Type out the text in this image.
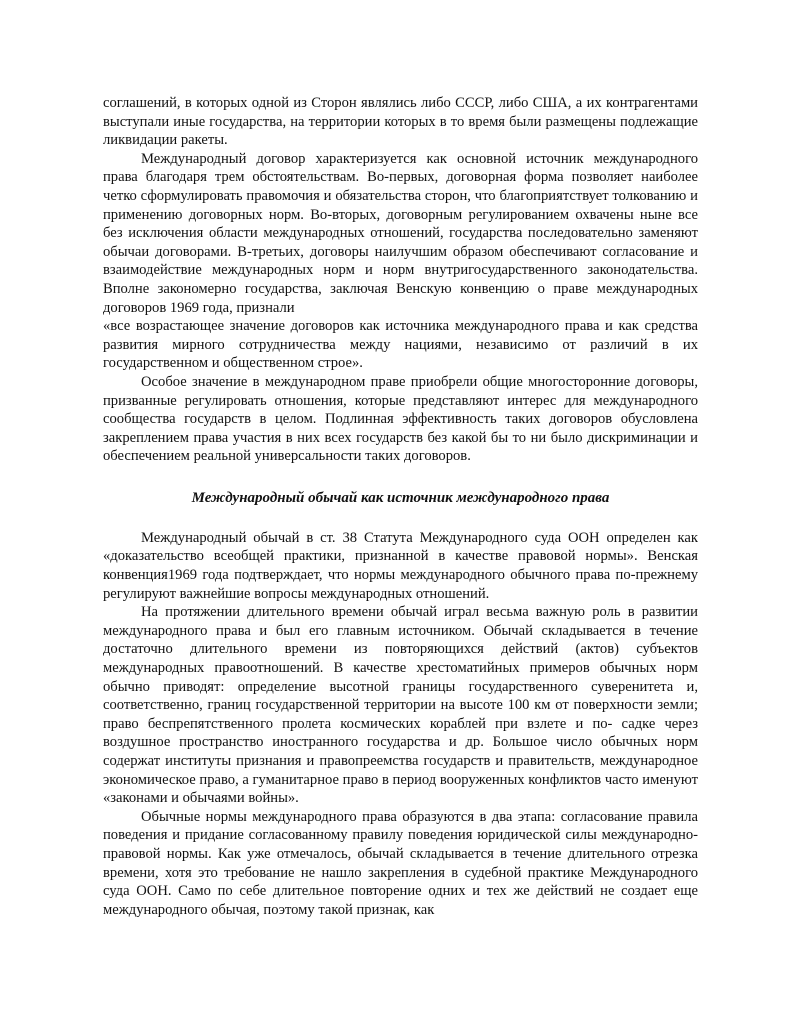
соглашений, в которых одной из Сторон являлись либо СССР, либо США, а их контрагентами выступали иные государства, на территории которых в то время были размещены подлежащие ликвидации ракеты.

Международный договор характеризуется как основной источник международного права благодаря трем обстоятельствам. Во-первых, договорная форма позволяет наиболее четко сформулировать правомочия и обязательства сторон, что благоприятствует толкованию и применению договорных норм. Во-вторых, договорным регулированием охвачены ныне все без исключения области международных отношений, государства последовательно заменяют обычаи договорами. В-третьих, договоры наилучшим образом обеспечивают согласование и взаимодействие международных норм и норм внутригосударственного законодательства. Вполне закономерно государства, заключая Венскую конвенцию о праве международных договоров 1969 года, признали

«все возрастающее значение договоров как источника международного права и как средства развития мирного сотрудничества между нациями, независимо от различий в их государственном и общественном строе».

Особое значение в международном праве приобрели общие многосторонние договоры, призванные регулировать отношения, которые представляют интерес для международного сообщества государств в целом. Подлинная эффективность таких договоров обусловлена закреплением права участия в них всех государств без какой бы то ни было дискриминации и обеспечением реальной универсальности таких договоров.

Международный обычай как источник международного права

Международный обычай в ст. 38 Статута Международного суда ООН определен как «доказательство всеобщей практики, признанной в качестве правовой нормы». Венская конвенция1969 года подтверждает, что нормы международного обычного права по-прежнему регулируют важнейшие вопросы международных отношений.

На протяжении длительного времени обычай играл весьма важную роль в развитии международного права и был его главным источником. Обычай складывается в течение достаточно длительного времени из повторяющихся действий (актов) субъектов международных правоотношений. В качестве хрестоматийных примеров обычных норм обычно приводят: определение высотной границы государственного суверенитета и, соответственно, границ государственной территории на высоте 100 км от поверхности земли; право беспрепятственного пролета космических кораблей при взлете и по- садке через воздушное пространство иностранного государства и др. Большое число обычных норм содержат институты признания и правопреемства государств и правительств, международное экономическое право, а гуманитарное право в период вооруженных конфликтов часто именуют «законами и обычаями войны».

Обычные нормы международного права образуются в два этапа: согласование правила поведения и придание согласованному правилу поведения юридической силы международно-правовой нормы. Как уже отмечалось, обычай складывается в течение длительного отрезка времени, хотя это требование не нашло закрепления в судебной практике Международного суда ООН. Само по себе длительное повторение одних и тех же действий не создает еще международного обычая, поэтому такой признак, как
